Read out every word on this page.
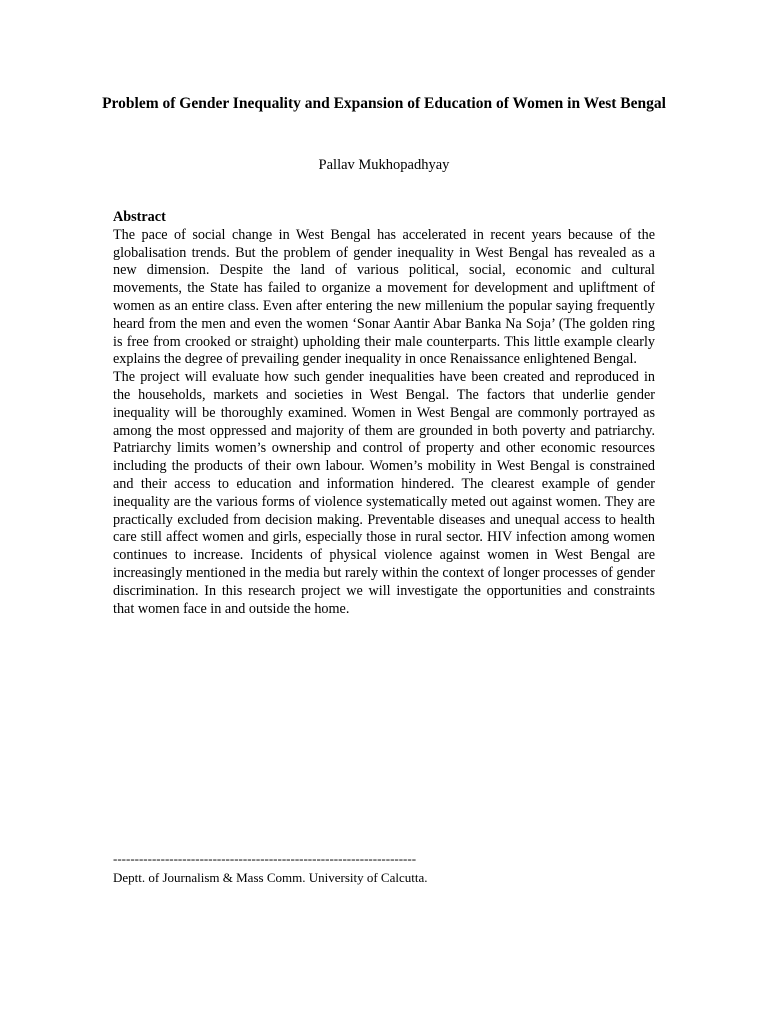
Problem of Gender Inequality and Expansion of Education of Women in West Bengal
Pallav Mukhopadhyay
Abstract

The pace of social change in West Bengal has accelerated in recent years because of the globalisation trends. But the problem of gender inequality in West Bengal has revealed as a new dimension. Despite the land of various political, social, economic and cultural movements, the State has failed to organize a movement for development and upliftment of women as an entire class. Even after entering the new millenium the popular saying frequently heard from the men and even the women ‘Sonar Aantir Abar Banka Na Soja’ (The golden ring is free from crooked or straight) upholding their male counterparts. This little example clearly explains the degree of prevailing gender inequality in once Renaissance enlightened Bengal.

The project will evaluate how such gender inequalities have been created and reproduced in the households, markets and societies in West Bengal. The factors that underlie gender inequality will be thoroughly examined. Women in West Bengal are commonly portrayed as among the most oppressed and majority of them are grounded in both poverty and patriarchy. Patriarchy limits women’s ownership and control of property and other economic resources including the products of their own labour. Women’s mobility in West Bengal is constrained and their access to education and information hindered. The clearest example of gender inequality are the various forms of violence systematically meted out against women. They are practically excluded from decision making. Preventable diseases and unequal access to health care still affect women and girls, especially those in rural sector. HIV infection among women continues to increase. Incidents of physical violence against women in West Bengal are increasingly mentioned in the media but rarely within the context of longer processes of gender discrimination. In this research project we will investigate the opportunities and constraints that women face in and outside the home.

----------------------------------------------------------------------
Deptt. of Journalism & Mass Comm. University of Calcutta.
